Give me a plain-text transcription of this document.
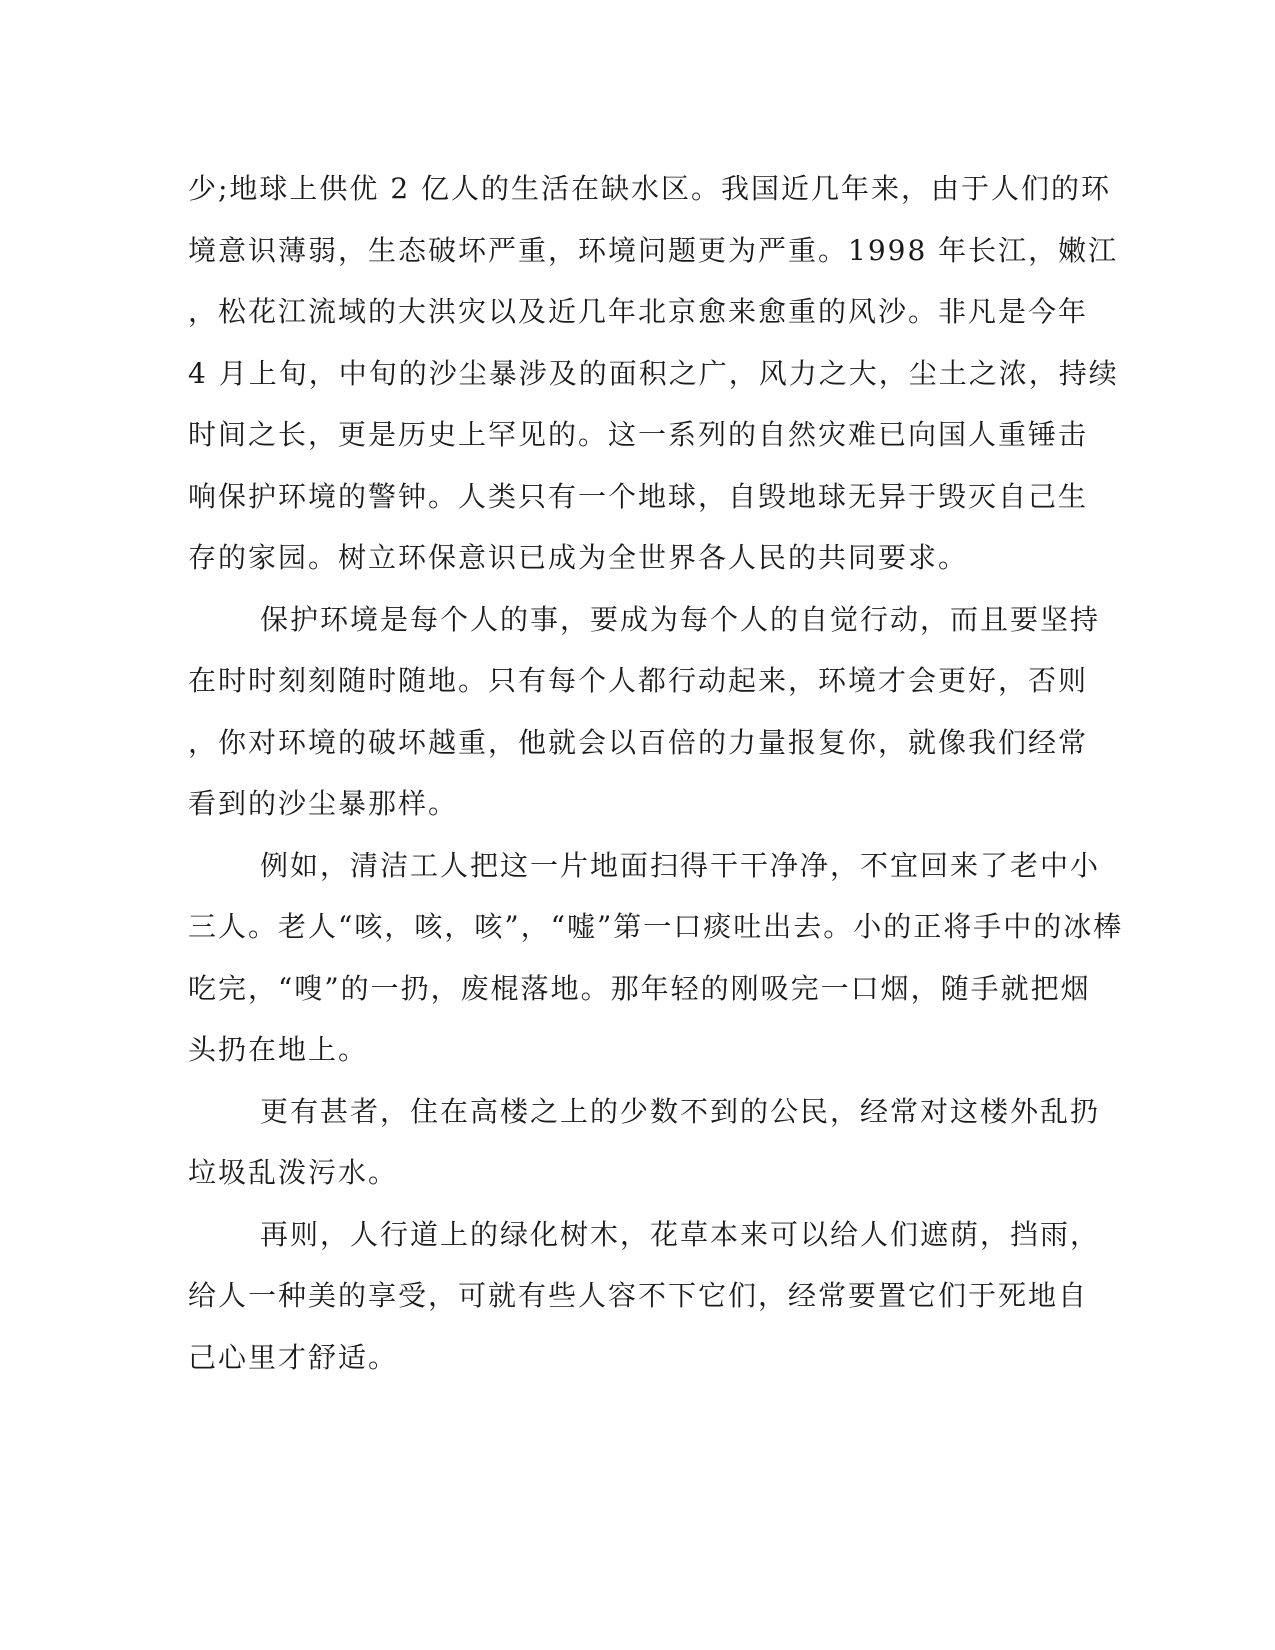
少;地球上供优 2 亿人的生活在缺水区。我国近几年来，由于人们的环
境意识薄弱，生态破坏严重，环境问题更为严重。1998 年长江，嫩江
，松花江流域的大洪灾以及近几年北京愈来愈重的风沙。非凡是今年
4 月上旬，中旬的沙尘暴涉及的面积之广，风力之大，尘土之浓，持续
时间之长，更是历史上罕见的。这一系列的自然灾难已向国人重锤击
响保护环境的警钟。人类只有一个地球，自毁地球无异于毁灭自己生
存的家园。树立环保意识已成为全世界各人民的共同要求。
保护环境是每个人的事，要成为每个人的自觉行动，而且要坚持
在时时刻刻随时随地。只有每个人都行动起来，环境才会更好，否则
，你对环境的破坏越重，他就会以百倍的力量报复你，就像我们经常
看到的沙尘暴那样。
例如，清洁工人把这一片地面扫得干干净净，不宜回来了老中小
三人。老人“咳，咳，咳”，“嘘”第一口痰吐出去。小的正将手中的冰棒
吃完，“嗖”的一扔，废棍落地。那年轻的刚吸完一口烟，随手就把烟
头扔在地上。
更有甚者，住在高楼之上的少数不到的公民，经常对这楼外乱扔
垃圾乱泼污水。
再则，人行道上的绿化树木，花草本来可以给人们遮荫，挡雨，
给人一种美的享受，可就有些人容不下它们，经常要置它们于死地自
己心里才舒适。
